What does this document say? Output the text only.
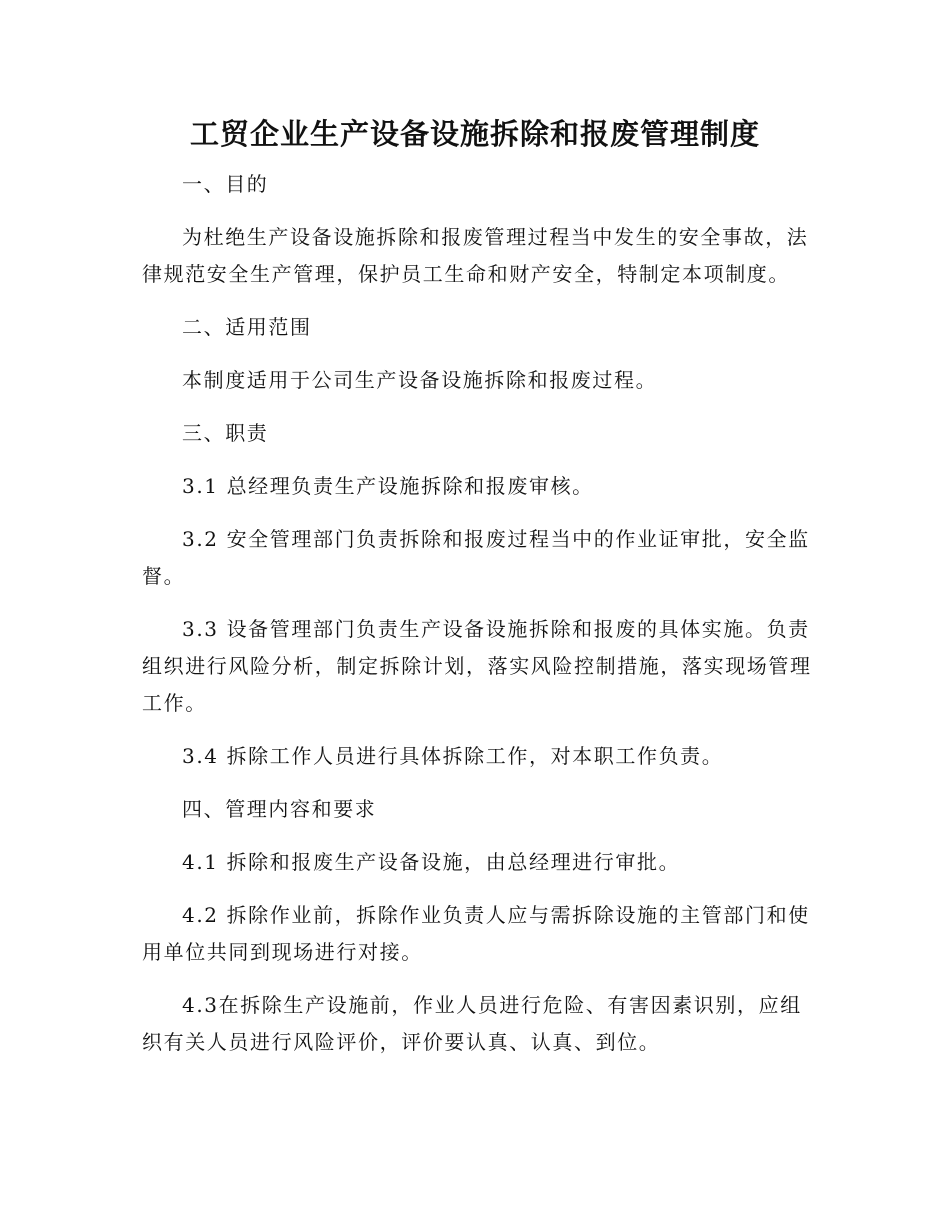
工贸企业生产设备设施拆除和报废管理制度

一、目的

为杜绝生产设备设施拆除和报废管理过程当中发生的安全事故，法律规范安全生产管理，保护员工生命和财产安全，特制定本项制度。

二、适用范围

本制度适用于公司生产设备设施拆除和报废过程。

三、职责

3.1 总经理负责生产设施拆除和报废审核。

3.2 安全管理部门负责拆除和报废过程当中的作业证审批，安全监督。

3.3 设备管理部门负责生产设备设施拆除和报废的具体实施。负责组织进行风险分析，制定拆除计划，落实风险控制措施，落实现场管理工作。

3.4 拆除工作人员进行具体拆除工作，对本职工作负责。

四、管理内容和要求

4.1 拆除和报废生产设备设施，由总经理进行审批。

4.2 拆除作业前，拆除作业负责人应与需拆除设施的主管部门和使用单位共同到现场进行对接。

4.3在拆除生产设施前，作业人员进行危险、有害因素识别，应组织有关人员进行风险评价，评价要认真、认真、到位。
